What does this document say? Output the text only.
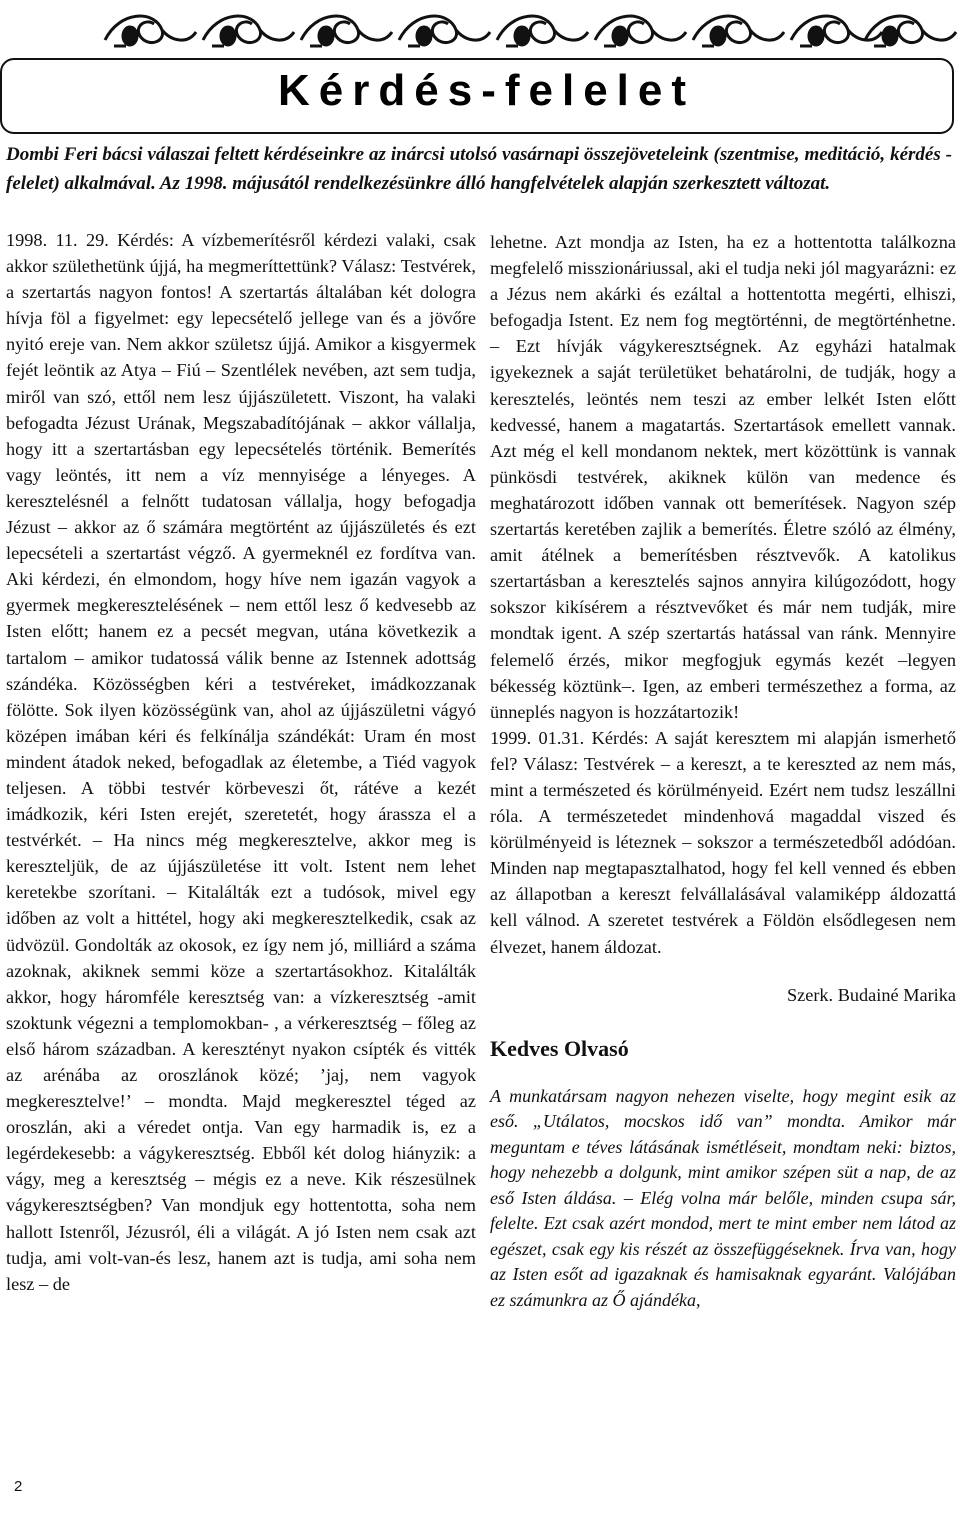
Kérdés-felelet

Dombi Feri bácsi válaszai feltett kérdéseinkre az inárcsi utolsó vasárnapi összejöveteleink (szentmise, meditáció, kérdés - felelet) alkalmával. Az 1998. májusától rendelkezésünkre álló hangfelvételek alapján szerkesztett változat.

1998. 11. 29. Kérdés: A vízbemerítésről kérdezi valaki, csak akkor születhetünk újjá, ha megmeríttettünk? Válasz: Testvérek, a szertartás nagyon fontos! A szertartás általában két dologra hívja föl a figyelmet: egy lepecsételő jellege van és a jövőre nyitó ereje van. Nem akkor születsz újjá. Amikor a kisgyermek fejét leöntik az Atya – Fiú – Szentlélek nevében, azt sem tudja, miről van szó, ettől nem lesz újjászületett. Viszont, ha valaki befogadta Jézust Urának, Megszabadítójának – akkor vállalja, hogy itt a szertartásban egy lepecsételés történik. Bemerítés vagy leöntés, itt nem a víz mennyisége a lényeges. A keresztelésnél a felnőtt tudatosan vállalja, hogy befogadja Jézust – akkor az ő számára megtörtént az újjászületés és ezt lepecsételi a szertartást végző. A gyermeknél ez fordítva van. Aki kérdezi, én elmondom, hogy híve nem igazán vagyok a gyermek megkeresztelésének – nem ettől lesz ő kedvesebb az Isten előtt; hanem ez a pecsét megvan, utána következik a tartalom – amikor tudatossá válik benne az Istennek adottság szándéka. Közösségben kéri a testvéreket, imádkozzanak fölötte. Sok ilyen közösségünk van, ahol az újjászületni vágyó középen imában kéri és felkínálja szándékát: Uram én most mindent átadok neked, befogadlak az életembe, a Tiéd vagyok teljesen. A többi testvér körbeveszi őt, rátéve a kezét imádkozik, kéri Isten erejét, szeretetét, hogy árassza el a testvérkét. – Ha nincs még megkeresztelve, akkor meg is kereszteljük, de az újjászületése itt volt. Istent nem lehet keretekbe szorítani. – Kitalálták ezt a tudósok, mivel egy időben az volt a hittétel, hogy aki megkeresztelkedik, csak az üdvözül. Gondolták az okosok, ez így nem jó, milliárd a száma azoknak, akiknek semmi köze a szertartásokhoz. Kitalálták akkor, hogy háromféle keresztség van: a vízkeresztség -amit szoktunk végezni a templomokban- , a vérkeresztség – főleg az első három században. A keresztényt nyakon csípték és vitték az arénába az oroszlánok közé; ’jaj, nem vagyok megkeresztelve!’ – mondta. Majd megkeresztel téged az oroszlán, aki a véredet ontja. Van egy harmadik is, ez a legérdekesebb: a vágykeresztség. Ebből két dolog hiányzik: a vágy, meg a keresztség – mégis ez a neve. Kik részesülnek vágykeresztségben? Van mondjuk egy hottentotta, soha nem hallott Istenről, Jézusról, éli a világát. A jó Isten nem csak azt tudja, ami volt-van-és lesz, hanem azt is tudja, ami soha nem lesz – de

lehetne. Azt mondja az Isten, ha ez a hottentotta találkozna megfelelő misszionáriussal, aki el tudja neki jól magyarázni: ez a Jézus nem akárki és ezáltal a hottentotta megérti, elhiszi, befogadja Istent. Ez nem fog megtörténni, de megtörténhetne. – Ezt hívják vágykeresztségnek. Az egyházi hatalmak igyekeznek a saját területüket behatárolni, de tudják, hogy a keresztelés, leöntés nem teszi az ember lelkét Isten előtt kedvessé, hanem a magatartás. Szertartások emellett vannak. Azt még el kell mondanom nektek, mert közöttünk is vannak pünkösdi testvérek, akiknek külön van medence és meghatározott időben vannak ott bemerítések. Nagyon szép szertartás keretében zajlik a bemerítés. Életre szóló az élmény, amit átélnek a bemerítésben résztvevők. A katolikus szertartásban a keresztelés sajnos annyira kilúgozódott, hogy sokszor kikísérem a résztvevőket és már nem tudják, mire mondtak igent. A szép szertartás hatással van ránk. Mennyire felemelő érzés, mikor megfogjuk egymás kezét –legyen békesség köztünk–. Igen, az emberi természethez a forma, az ünneplés nagyon is hozzátartozik!

1999. 01.31. Kérdés: A saját keresztem mi alapján ismerhető fel? Válasz: Testvérek – a kereszt, a te kereszted az nem más, mint a természeted és körülményeid. Ezért nem tudsz leszállni róla. A természetedet mindenhová magaddal viszed és körülményeid is léteznek – sokszor a természetedből adódóan. Minden nap megtapasztalhatod, hogy fel kell venned és ebben az állapotban a kereszt felvállalásával valamiképp áldozattá kell válnod. A szeretet testvérek a Földön elsődlegesen nem élvezet, hanem áldozat.

Szerk. Budainé Marika

Kedves Olvasó

A munkatársam nagyon nehezen viselte, hogy megint esik az eső. „Utálatos, mocskos idő van” mondta. Amikor már meguntam e téves látásának ismétléseit, mondtam neki: biztos, hogy nehezebb a dolgunk, mint amikor szépen süt a nap, de az eső Isten áldása. – Elég volna már belőle, minden csupa sár, felelte. Ezt csak azért mondod, mert te mint ember nem látod az egészet, csak egy kis részét az összefüggéseknek. Írva van, hogy az Isten esőt ad igazaknak és hamisaknak egyaránt. Valójában ez számunkra az Ő ajándéka,

2
